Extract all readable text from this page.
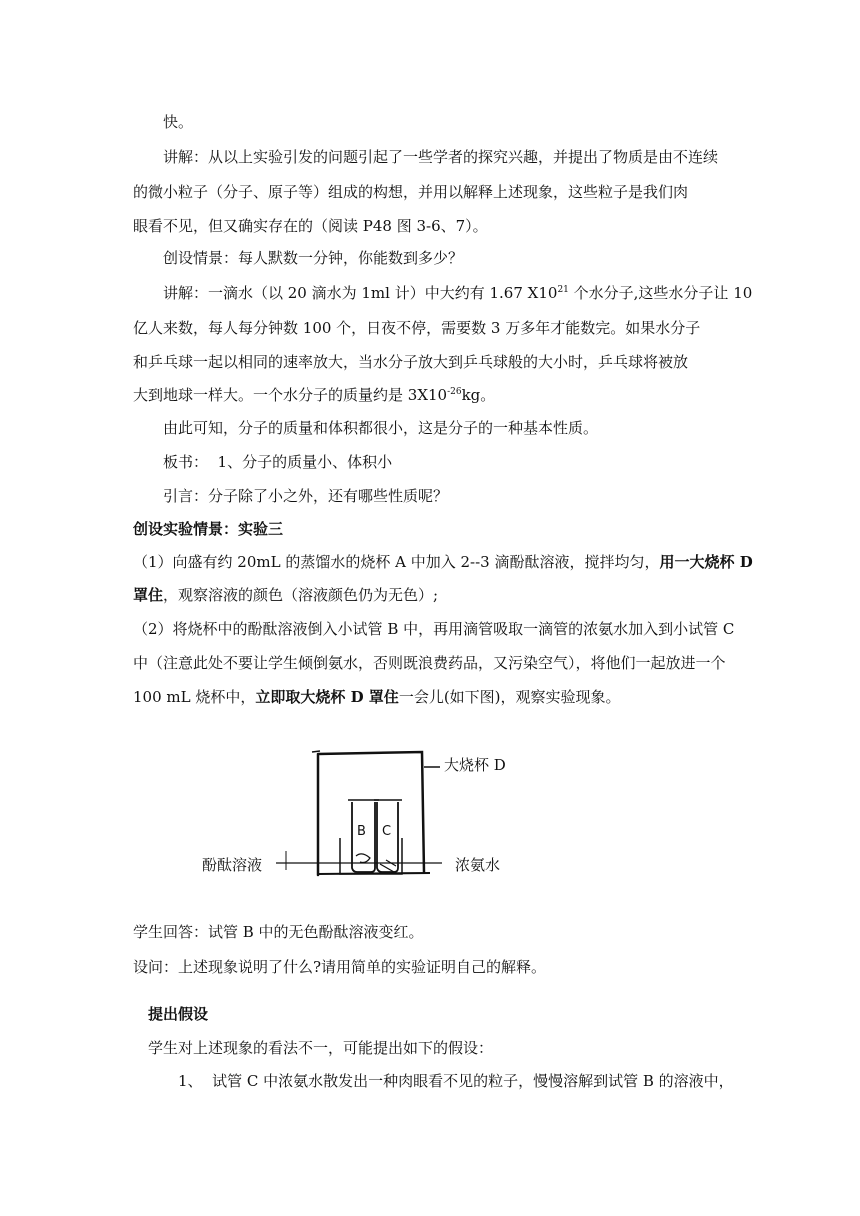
快。
讲解：从以上实验引发的问题引起了一些学者的探究兴趣，并提出了物质是由不连续
的微小粒子（分子、原子等）组成的构想，并用以解释上述现象，这些粒子是我们肉
眼看不见，但又确实存在的（阅读 P48 图 3-6、7）。
创设情景：每人默数一分钟，你能数到多少？
讲解：一滴水（以 20 滴水为 1ml 计）中大约有 1.67 $X10^{21}$ 个水分子,这些水分子让 10
亿人来数，每人每分钟数 100 个，日夜不停，需要数 3 万多年才能数完。如果水分子
和乒乓球一起以相同的速率放大，当水分子放大到乒乓球般的大小时，乒乓球将被放
大到地球一样大。一个水分子的质量约是 $3X10^{-26}kg$。
由此可知，分子的质量和体积都很小，这是分子的一种基本性质。
板书：  1、分子的质量小、体积小
引言：分子除了小之外，还有哪些性质呢？
创设实验情景：实验三
（1）向盛有约 20mL 的蒸馏水的烧杯 A 中加入 2--3 滴酚酞溶液，搅拌均匀，用一大烧杯 D
罩住，观察溶液的颜色（溶液颜色仍为无色）;
（2）将烧杯中的酚酞溶液倒入小试管 B 中，再用滴管吸取一滴管的浓氨水加入到小试管 C
中（注意此处不要让学生倾倒氨水，否则既浪费药品，又污染空气），将他们一起放进一个
100 mL 烧杯中，立即取大烧杯 D 罩住一会儿(如下图)，观察实验现象。
大烧杯 D
酚酞溶液	浓氨水
B C
学生回答：试管 B 中的无色酚酞溶液变红。
设问：上述现象说明了什么?请用简单的实验证明自己的解释。
提出假设
学生对上述现象的看法不一，可能提出如下的假设：
1、  试管 C 中浓氨水散发出一种肉眼看不见的粒子，慢慢溶解到试管 B 的溶液中，
